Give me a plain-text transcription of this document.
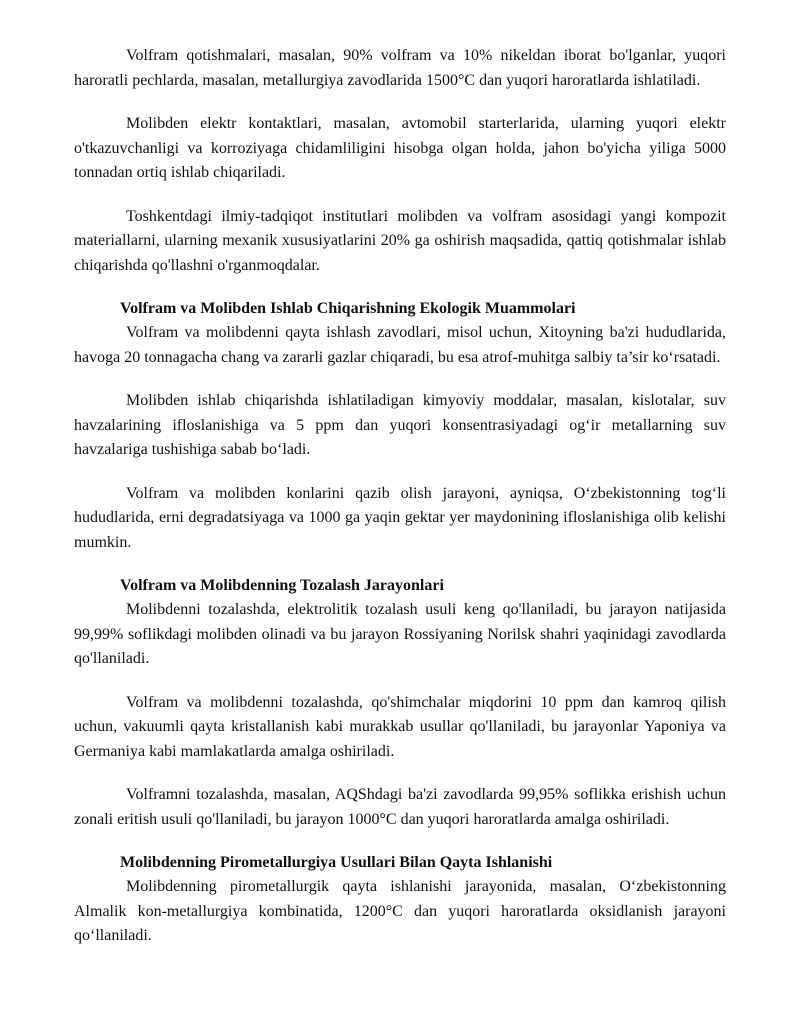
Volfram qotishmalari, masalan, 90% volfram va 10% nikeldan iborat bo'lganlar, yuqori haroratli pechlarda, masalan, metallurgiya zavodlarida 1500°C dan yuqori haroratlarda ishlatiladi.

Molibden elektr kontaktlari, masalan, avtomobil starterlarida, ularning yuqori elektr o'tkazuvchanligi va korroziyaga chidamliligini hisobga olgan holda, jahon bo'yicha yiliga 5000 tonnadan ortiq ishlab chiqariladi.

Toshkentdagi ilmiy-tadqiqot institutlari molibden va volfram asosidagi yangi kompozit materiallarni, ularning mexanik xususiyatlarini 20% ga oshirish maqsadida, qattiq qotishmalar ishlab chiqarishda qo'llashni o'rganmoqdalar.

Volfram va Molibden Ishlab Chiqarishning Ekologik Muammolari

Volfram va molibdenni qayta ishlash zavodlari, misol uchun, Xitoyning ba'zi hududlarida, havoga 20 tonnagacha chang va zararli gazlar chiqaradi, bu esa atrof-muhitga salbiy ta’sir ko‘rsatadi.

Molibden ishlab chiqarishda ishlatiladigan kimyoviy moddalar, masalan, kislotalar, suv havzalarining ifloslanishiga va 5 ppm dan yuqori konsentrasiyadagi og‘ir metallarning suv havzalariga tushishiga sabab bo‘ladi.

Volfram va molibden konlarini qazib olish jarayoni, ayniqsa, O‘zbekistonning tog‘li hududlarida, erni degradatsiyaga va 1000 ga yaqin gektar yer maydonining ifloslanishiga olib kelishi mumkin.

Volfram va Molibdenning Tozalash Jarayonlari

Molibdenni tozalashda, elektrolitik tozalash usuli keng qo'llaniladi, bu jarayon natijasida 99,99% soflikdagi molibden olinadi va bu jarayon Rossiyaning Norilsk shahri yaqinidagi zavodlarda qo'llaniladi.

Volfram va molibdenni tozalashda, qo'shimchalar miqdorini 10 ppm dan kamroq qilish uchun, vakuumli qayta kristallanish kabi murakkab usullar qo'llaniladi, bu jarayonlar Yaponiya va Germaniya kabi mamlakatlarda amalga oshiriladi.

Volframni tozalashda, masalan, AQShdagi ba'zi zavodlarda 99,95% soflikka erishish uchun zonali eritish usuli qo'llaniladi, bu jarayon 1000°C dan yuqori haroratlarda amalga oshiriladi.

Molibdenning Pirometallurgiya Usullari Bilan Qayta Ishlanishi

Molibdenning pirometallurgik qayta ishlanishi jarayonida, masalan, O‘zbekistonning Almalik kon-metallurgiya kombinatida, 1200°C dan yuqori haroratlarda oksidlanish jarayoni qo‘llaniladi.
